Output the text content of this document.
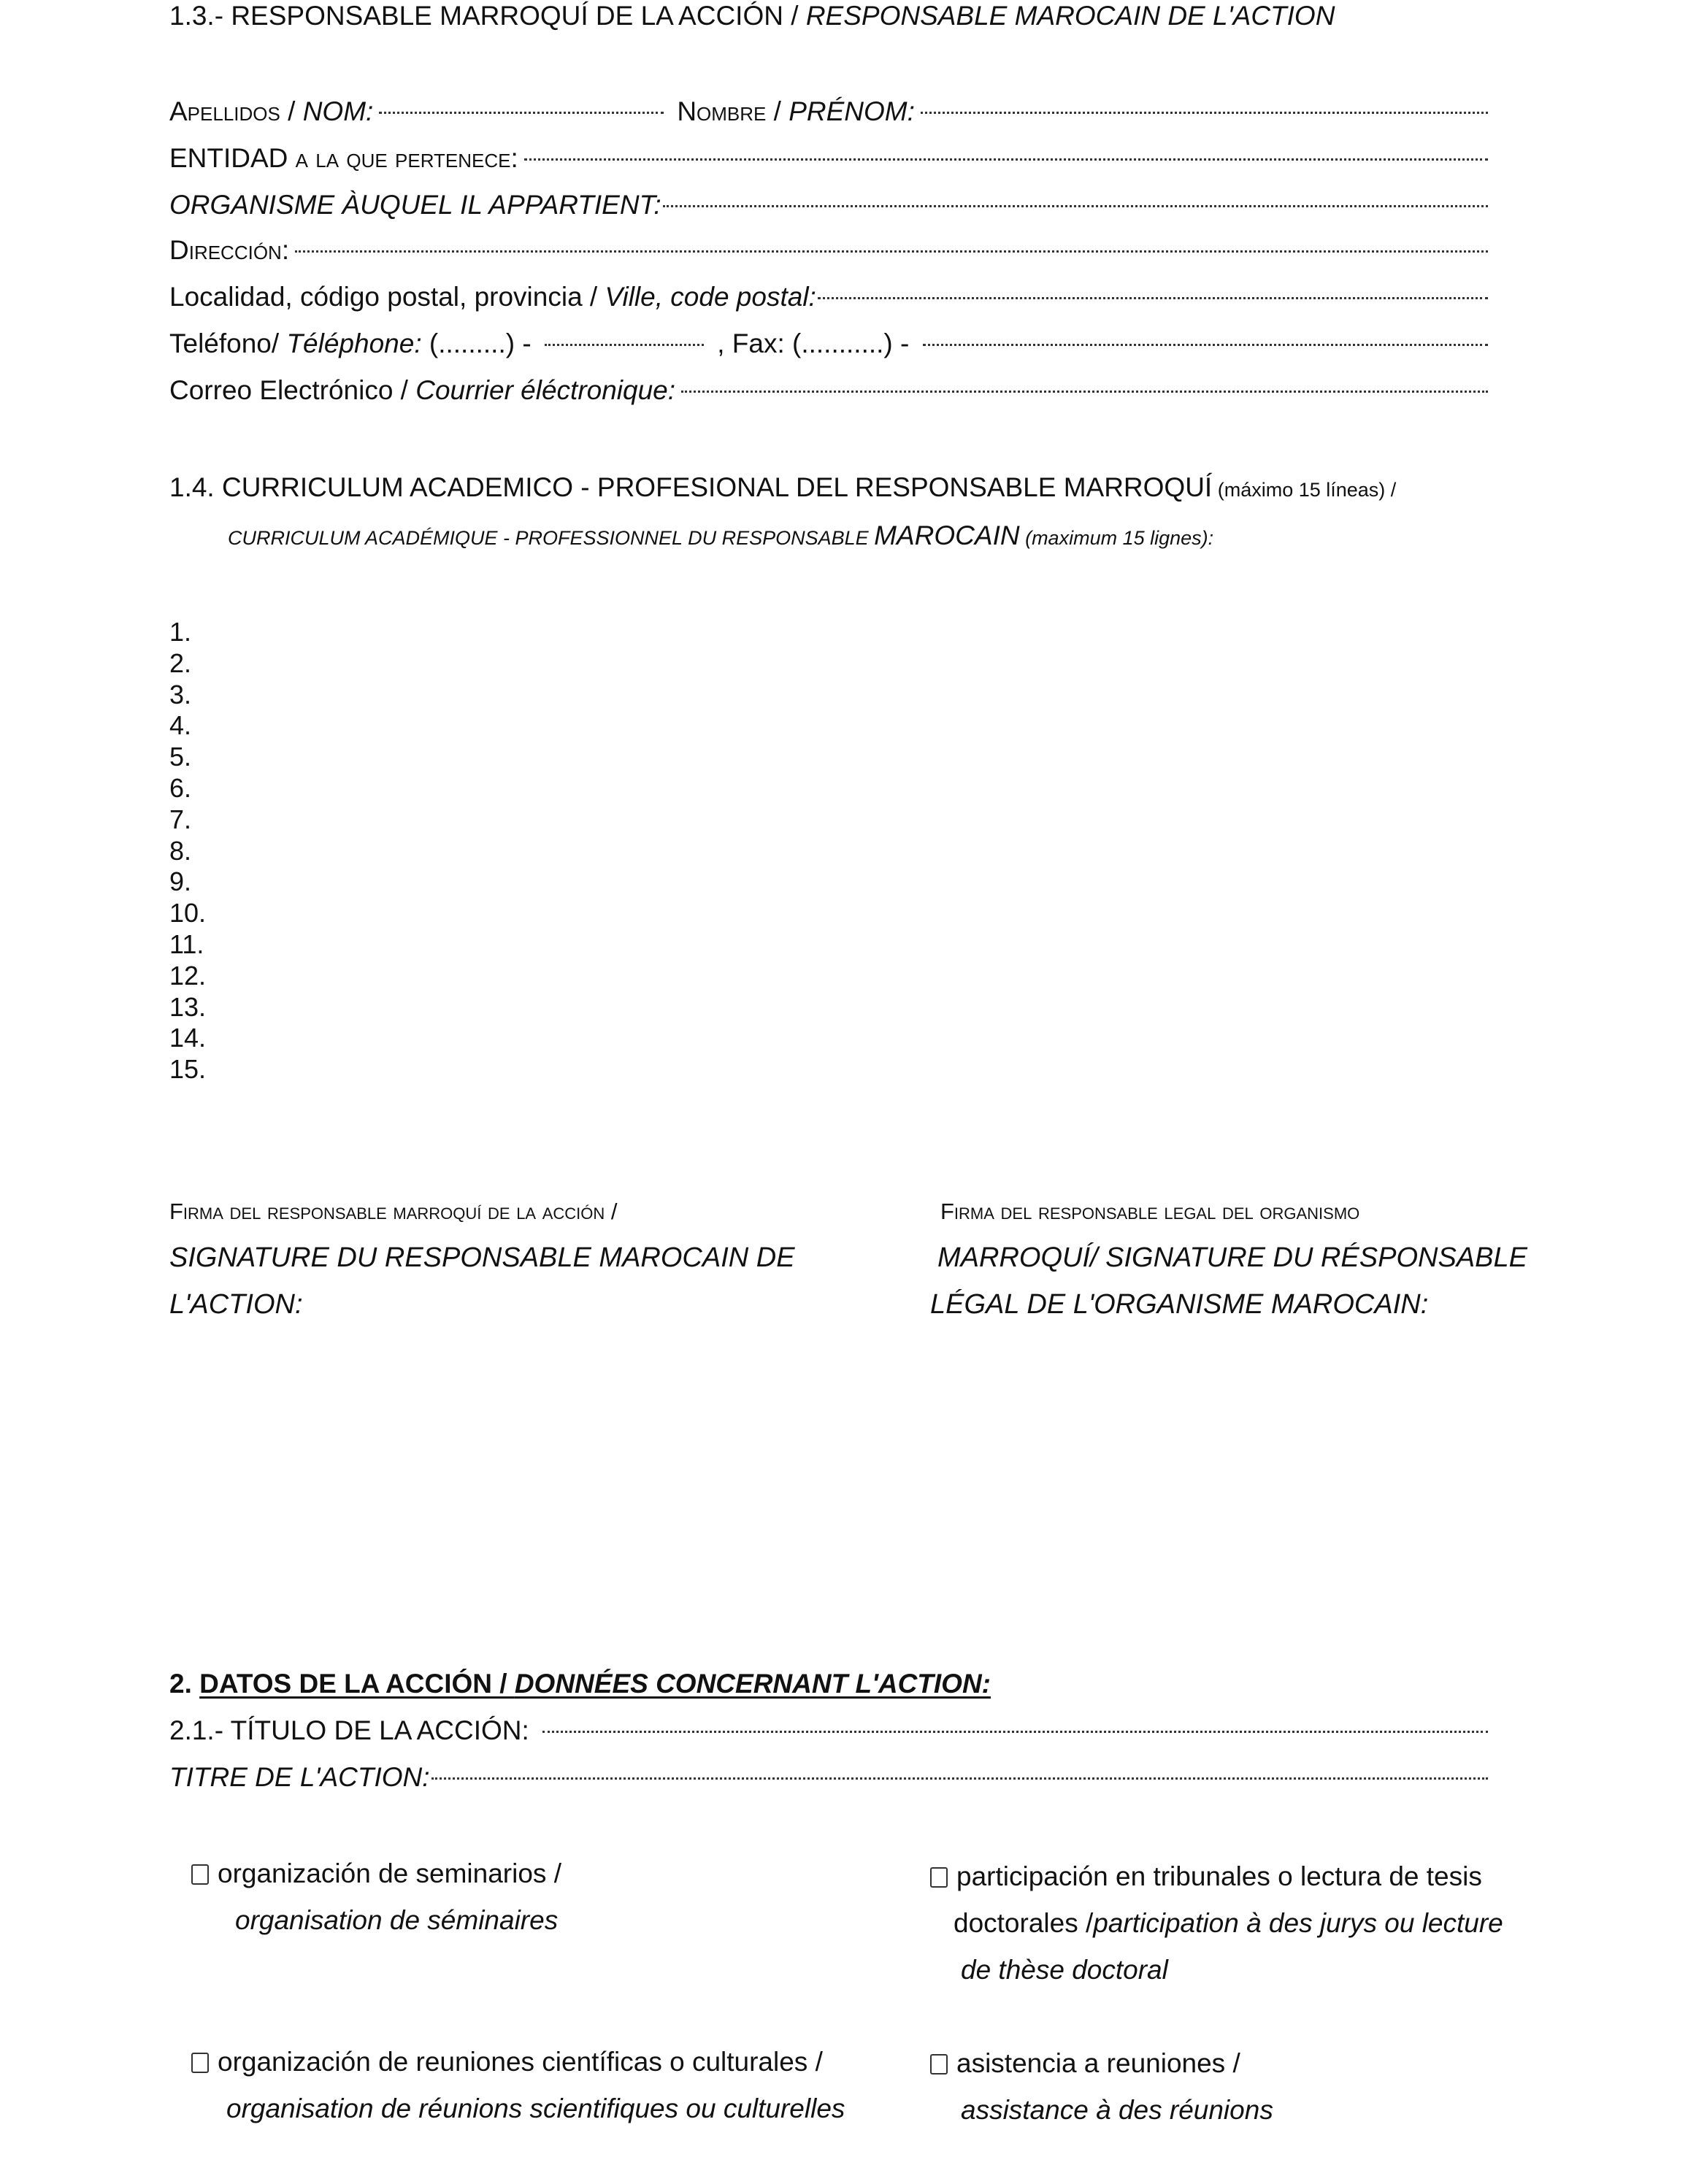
1.3.- RESPONSABLE MARROQUÍ DE LA ACCIÓN / RESPONSABLE MAROCAIN DE L'ACTION
Apellidos / NOM:	Nombre / PRÉNOM:
ENTIDAD a la que pertenece:
ORGANISME ÀUQUEL IL APPARTIENT:
Dirección:
Localidad, código postal, provincia / Ville, code postal:
Teléfono/ Téléphone: (.........) -	, Fax: (...........) -
Correo Electrónico / Courrier éléctronique:
1.4. CURRICULUM ACADEMICO - PROFESIONAL DEL RESPONSABLE MARROQUÍ (máximo 15 líneas) /
CURRICULUM ACADÉMIQUE - PROFESSIONNEL DU RESPONSABLE MAROCAIN (maximum 15 lignes):
1.
2.
3.
4.
5.
6.
7.
8.
9.
10.
11.
12.
13.
14.
15.
Firma del responsable marroquí de la acción /
SIGNATURE DU RESPONSABLE MAROCAIN DE
L'ACTION:
Firma del responsable legal del organismo
MARROQUÍ/ SIGNATURE DU RÉSPONSABLE
LÉGAL DE L'ORGANISME MAROCAIN:
2. DATOS DE LA ACCIÓN / DONNÉES CONCERNANT L'ACTION:
2.1.- TÍTULO DE LA ACCIÓN:
TITRE DE L'ACTION:
organización de seminarios /
organisation de séminaires
organización de reuniones científicas o culturales /
organisation de réunions scientifiques ou culturelles
participación en tribunales o lectura de tesis
doctorales /participation à des jurys ou lecture
de thèse doctoral
asistencia a reuniones /
assistance à des réunions
